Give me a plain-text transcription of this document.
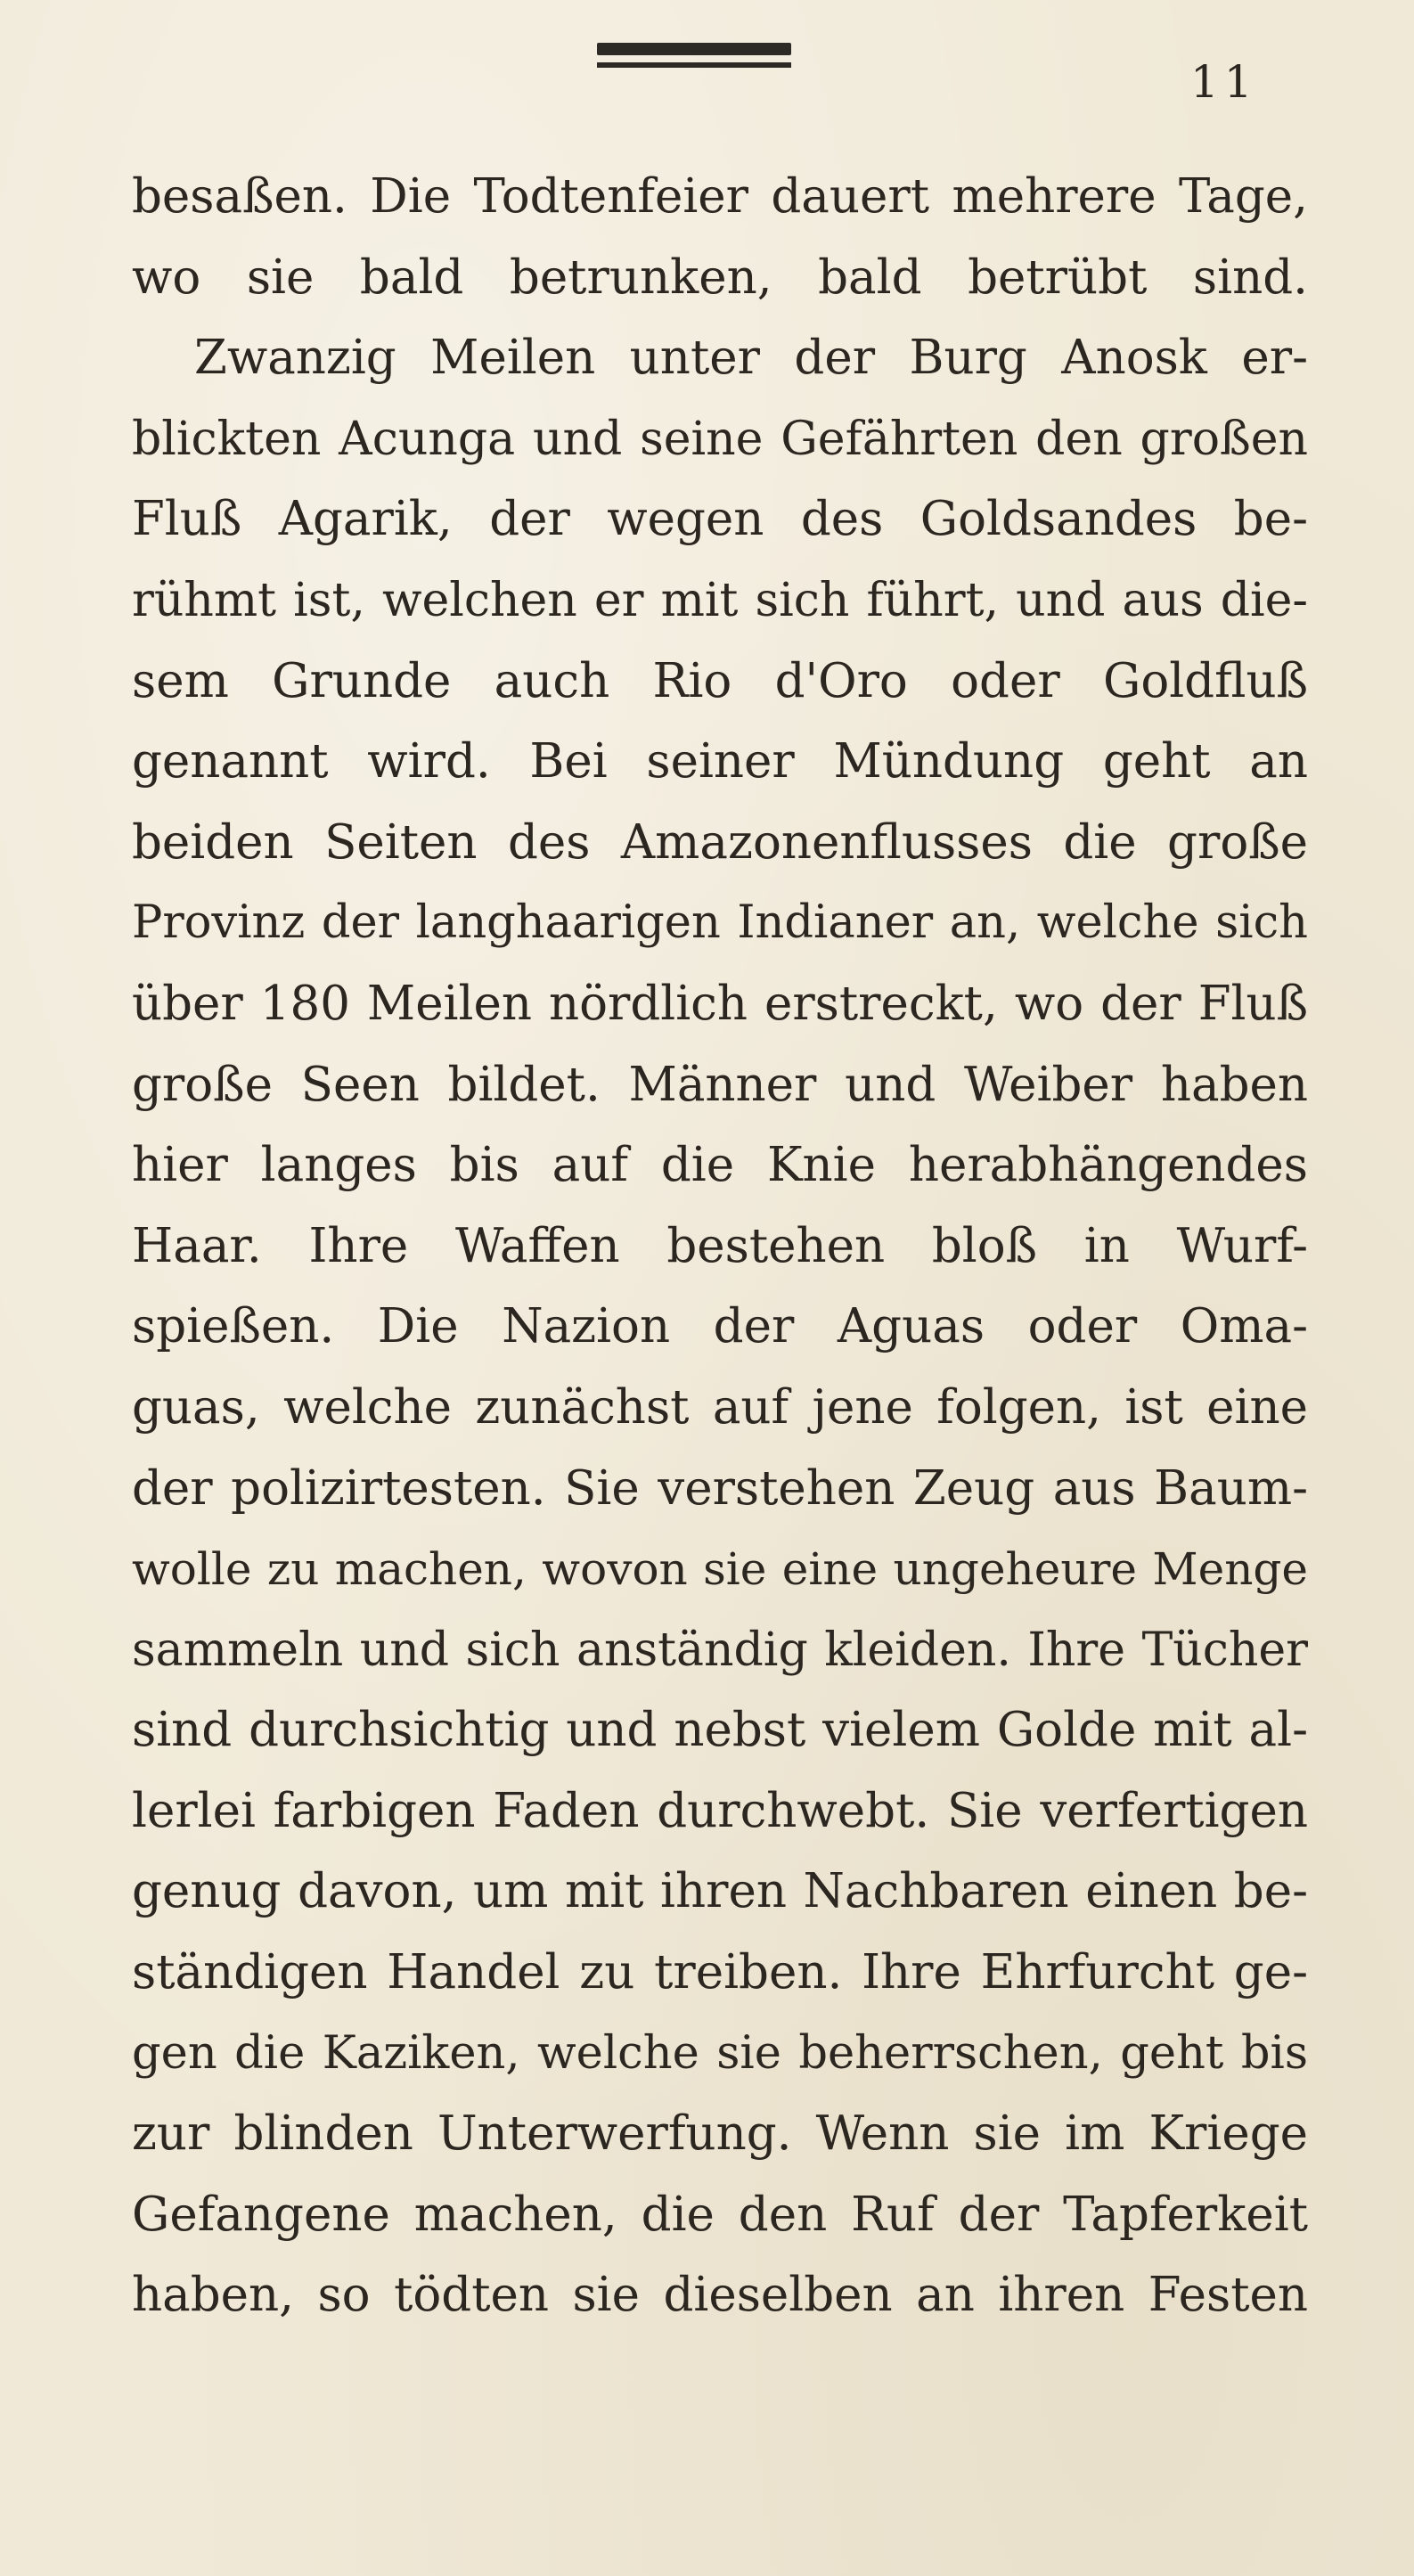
11
besaßen. Die Todtenfeier dauert mehrere Tage,
wo sie bald betrunken, bald betrübt sind.
Zwanzig Meilen unter der Burg Anosk er-
blickten Acunga und seine Gefährten den großen
Fluß Agarik, der wegen des Goldsandes be-
rühmt ist, welchen er mit sich führt, und aus die-
sem Grunde auch Rio d'Oro oder Goldfluß
genannt wird. Bei seiner Mündung geht an
beiden Seiten des Amazonenflusses die große
Provinz der langhaarigen Indianer an, welche sich
über 180 Meilen nördlich erstreckt, wo der Fluß
große Seen bildet. Männer und Weiber haben
hier langes bis auf die Knie herabhängendes
Haar. Ihre Waffen bestehen bloß in Wurf-
spießen. Die Nazion der Aguas oder Oma-
guas, welche zunächst auf jene folgen, ist eine
der polizirtesten. Sie verstehen Zeug aus Baum-
wolle zu machen, wovon sie eine ungeheure Menge
sammeln und sich anständig kleiden. Ihre Tücher
sind durchsichtig und nebst vielem Golde mit al-
lerlei farbigen Faden durchwebt. Sie verfertigen
genug davon, um mit ihren Nachbaren einen be-
ständigen Handel zu treiben. Ihre Ehrfurcht ge-
gen die Kaziken, welche sie beherrschen, geht bis
zur blinden Unterwerfung. Wenn sie im Kriege
Gefangene machen, die den Ruf der Tapferkeit
haben, so tödten sie dieselben an ihren Festen
